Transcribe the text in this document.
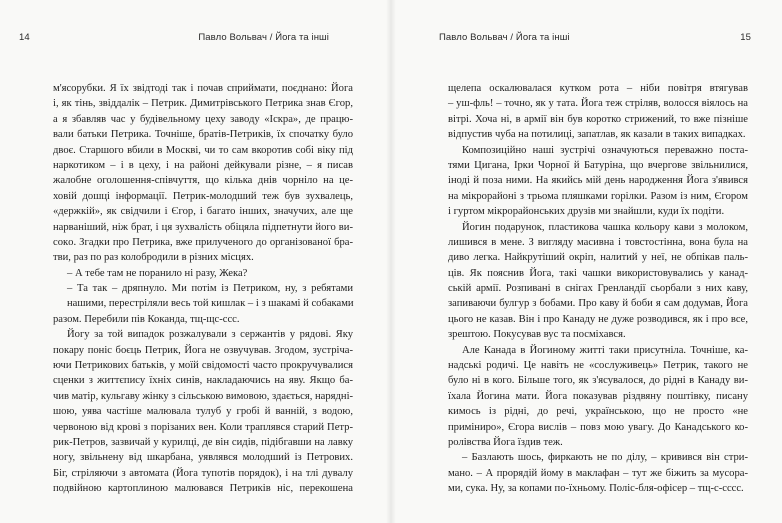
14	Павло Вольвач / Йога та інші
м'ясорубки. Я їх звідтоді так і почав сприймати, поєднано: Йога
і, як тінь, звіддалік – Петрик. Димитрівського Петрика знав Єгор,
а я збавляв час у будівельному цеху заводу «Іскра», де працю-
вали батьки Петрика. Точніше, братів-Петриків, їх спочатку було
двоє. Старшого вбили в Москві, чи то сам вкоротив собі віку під
наркотиком – і в цеху, і на районі дейкували різне, – я писав
жалобне оголошення-співчуття, що кілька днів чорніло на це-
ховій дошці інформації. Петрик-молодший теж був зухвалець,
«держкій», як свідчили і Єгор, і багато інших, значучих, але ще
нарваніший, ніж брат, і ця зухвалість обіцяла підпетнути його ви-
сокo. Згадки про Петрика, вже прилученого до організованої бра-
тви, раз по раз колобродили в різних місцях.
– А тебе там не поранило ні разу, Жека?
– Та так – дряпнуло. Ми потім із Петриком, ну, з ребятами
нашими, перестріляли весь той кишлак – і з шакамі й собаками
разом. Перебили пів Коканда, тщ-щс-ссс.
Йогу за той випадок розжалували з сержантів у рядові. Яку
покару поніс боєць Петрик, Йога не озвучував. Згодом, зустріча-
ючи Петрикових батьків, у моїй свідомості часто прокручувалися
сценки з життєпису їхніх синів, накладаючись на яву. Якщо ба-
чив матір, кульгаву жінку з сільською вимовою, здається, нарядні-
шою, уява частіше малювала тулуб у гробі й ванній, з водою,
червоною від крові з порізаних вен. Коли траплявся старий Петр-
рик-Петров, зазвичай у курилці, де він сидів, підібгавши на лавку
ногу, звільнену від шкарбана, уявлявся молодший із Петровиx.
Біг, стріляючи з автомата (Йога тупотів порядок), і на тлі дувалу
подвійною картоплиною малювався Петриків ніс, перекошена
Павло Вольвач / Йога та інші	15
щелепа оскалювалася кутком рота – ніби повітря втягував
– уш-фль! – точно, як у тата. Йога теж стріляв, волосся віялось на
вітрі. Хоча ні, в армії він був коротко стрижений, то вже пізніше
відпустив чуба на потилиці, запатлав, як казали в таких випадках.
Композиційно наші зустрічі означуються переважно поста-
тями Цигана, Ірки Чорної й Батуріна, що вчергове звільнилися,
іноді й поза ними. На якийсь мій день народження Йога з'явився
на мікрорайоні з трьома пляшками горілки. Разом із ним, Єгором
і гуртом мікрорайонських друзів ми знайшли, куди їх подіти.
Йогин подарунок, пластикова чашка кольору кави з молоком,
лишився в мене. З вигляду масивна і товстостінна, вона була на
диво легка. Найкрутіший окріп, налитий у неї, не обпікав паль-
ців. Як пояснив Йога, такі чашки використовувались у канад-
ській армії. Розпивані в снігах Гренландії сьорбали з них каву,
запиваючи булгур з бобами. Про каву й боби я сам додумав, Йога
цього не казав. Він і про Канаду не дуже розводився, як і про все,
зрештою. Покусував вус та посміхався.
Але Канада в Йогиному житті таки присутніла. Точніше, ка-
надські родичі. Це навіть не «сослуживець» Петрик, такого не
було ні в кого. Більше того, як з'ясувалося, до рідні в Канаду ви-
їхала Йогина мати. Йога показував різдвяну поштівку, писану
кимось із рідні, до речі, українською, що не просто «не
приміниро», Єгора вислів – повз мою увагу. До Канадського ко-
ролівства Йога їздив теж.
– Базлають шось, фиркають не по ділу, – кривився він стри-
мано. – А прорядій йому в маклафан – тут же біжить за мусора-
ми, сука. Ну, за копами по-їхньому. Поліс-бля-офісер – тщ-с-сссс.
